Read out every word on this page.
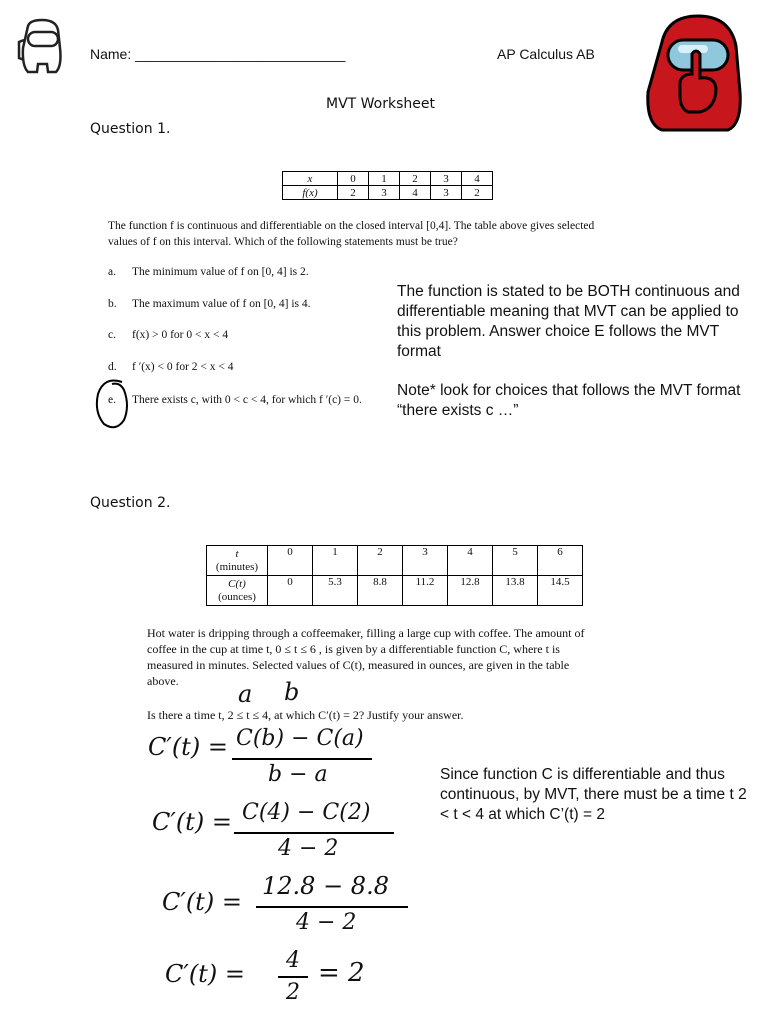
Name: ___________________________	AP Calculus AB
MVT Worksheet
Question 1.
x	0	1	2	3	4
f(x)	2	3	4	3	2
The function f is continuous and differentiable on the closed interval [0,4]. The table above gives selected
values of f on this interval. Which of the following statements must be true?
a. The minimum value of f on [0, 4] is 2.
b. The maximum value of f on [0, 4] is 4.
c. f(x) > 0 for 0 < x < 4
d. f ′(x) < 0 for 2 < x < 4
e. There exists c, with 0 < c < 4, for which f ′(c) = 0.
The function is stated to be BOTH continuous and differentiable meaning that MVT can be applied to this problem. Answer choice E follows the MVT format
Note* look for choices that follows the MVT format
“there exists c …”
Question 2.
t
(minutes)	0	1	2	3	4	5	6
C(t)
(ounces)	0	5.3	8.8	11.2	12.8	13.8	14.5
Hot water is dripping through a coffeemaker, filling a large cup with coffee. The amount of
coffee in the cup at time t, 0 ≤ t ≤ 6 , is given by a differentiable function C, where t is
measured in minutes. Selected values of C(t), measured in ounces, are given in the table
above. a b
Is there a time t, 2 ≤ t ≤ 4, at which C′(t) = 2? Justify your answer.
C′(t) = C(b) − C(a)
b − a
C′(t) = C(4) − C(2)
4 − 2
C′(t) =
12.8 − 8.8
4 − 2
C′(t) = 4
2
= 2
Since function C is differentiable and thus continuous, by MVT, there must be a time t 2 < t < 4 at which C’(t) = 2
